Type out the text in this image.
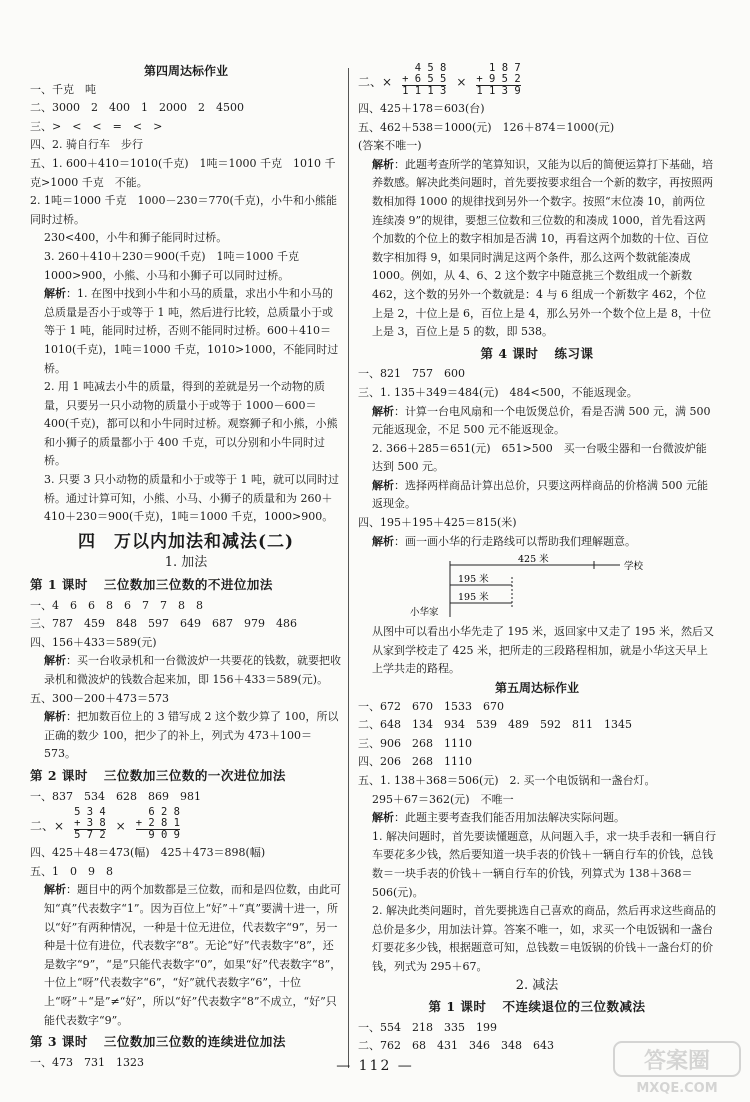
第四周达标作业

一、千克　吨

二、3000　2　400　1　2000　2　4500

三、>　<　<　=　<　>

四、2. 骑自行车　步行

五、1. 600＋410＝1010(千克)　1吨＝1000 千克　1010 千克>1000 千克　不能。

2. 1吨＝1000 千克　1000－230＝770(千克)，小牛和小熊能同时过桥。

230<400，小牛和狮子能同时过桥。

3. 260＋410＋230＝900(千克)　1吨＝1000 千克　1000>900，小熊、小马和小狮子可以同时过桥。

解析：1. 在图中找到小牛和小马的质量，求出小牛和小马的总质量是否小于或等于 1 吨，然后进行比较，总质量小于或等于 1 吨，能同时过桥，否则不能同时过桥。600＋410＝1010(千克)，1吨＝1000 千克，1010>1000，不能同时过桥。

2. 用 1 吨减去小牛的质量，得到的差就是另一个动物的质量，只要另一只小动物的质量小于或等于 1000－600＝400(千克)，都可以和小牛同时过桥。观察狮子和小熊，小熊和小狮子的质量都小于 400 千克，可以分别和小牛同时过桥。

3. 只要 3 只小动物的质量和小于或等于 1 吨，就可以同时过桥。通过计算可知，小熊、小马、小狮子的质量和为 260＋410＋230＝900(千克)，1吨＝1000 千克，1000>900。

四　万以内加法和减法(二)

1. 加法

第 1 课时 三位数加三位数的不进位加法

一、4　6　6　8　6　7　7　8　8

三、787　459　848　597　649　687　979　486

四、156＋433＝589(元)

解析：买一台收录机和一台微波炉一共要花的钱数，就要把收录机和微波炉的钱数合起来加，即 156＋433＝589(元)。

五、300－200＋473＝573

解析：把加数百位上的 3 错写成 2 这个数少算了 100，所以正确的数少 100，把少了的补上，列式为 473＋100＝573。

第 2 课时 三位数加三位数的一次进位加法

一、837　534　628　869　981

二、×
5 3 4
+ 3 8
5 7 2
×
6 2 8
+ 2 8 1
9 0 9

四、425＋48＝473(幅)　425＋473＝898(幅)

五、1　0　9　8

解析：题目中的两个加数都是三位数，而和是四位数，由此可知“真”代表数字“1”。因为百位上“好”＋“真”要满十进一，所以“好”有两种情况，一种是十位无进位，代表数字“9”，另一种是十位有进位，代表数字“8”。无论“好”代表数字“8”，还是数字“9”，“是”只能代表数字“0”，如果“好”代表数字“8”，十位上“呀”代表数字“6”，“好”就代表数字“6”，十位上“呀”＋“是”≠“好”，所以“好”代表数字“8”不成立，“好”只能代表数字“9”。

第 3 课时 三位数加三位数的连续进位加法

一、473　731　1323

二、×
4 5 8
+ 6 5 5
1 1 1 3
×
1 8 7
+ 9 5 2
1 1 3 9

四、425＋178＝603(台)

五、462＋538＝1000(元)　126＋874＝1000(元)

(答案不唯一)

解析：此题考查所学的笔算知识，又能为以后的简便运算打下基础，培养数感。解决此类问题时，首先要按要求组合一个新的数字，再按照两数相加得 1000 的规律找到另外一个数字。按照“末位凑 10，前两位连续凑 9”的规律，要想三位数和三位数的和凑成 1000，首先看这两个加数的个位上的数字相加是否满 10，再看这两个加数的十位、百位数字相加得 9，如果同时满足这两个条件，那么这两个数就能凑成 1000。例如，从 4、6、2 这个数字中随意挑三个数组成一个新数 462，这个数的另外一个数就是：4 与 6 组成一个新数字 462，个位上是 2，十位上是 6，百位上是 4，那么另外一个数个位上是 8，十位上是 3，百位上是 5 的数，即 538。

第 4 课时 练习课

一、821　757　600

三、1. 135＋349＝484(元)　484<500，不能返现金。

解析：计算一台电风扇和一个电饭煲总价，看是否满 500 元，满 500 元能返现金，不足 500 元不能返现金。

2. 366＋285＝651(元)　651>500　买一台吸尘器和一台微波炉能达到 500 元。

解析：选择两样商品计算出总价，只要这两样商品的价格满 500 元能返现金。

四、195＋195＋425＝815(米)

解析：画一画小华的行走路线可以帮助我们理解题意。

425 米
195 米
195 米
小华家
学校

从图中可以看出小华先走了 195 米，返回家中又走了 195 米，然后又从家到学校走了 425 米，把所走的三段路程相加，就是小华这天早上上学共走的路程。

第五周达标作业

一、672　670　1533　670

二、648　134　934　539　489　592　811　1345

三、906　268　1110

四、206　268　1110

五、1. 138＋368＝506(元)　2. 买一个电饭锅和一盏台灯。

295＋67＝362(元)　不唯一

解析：此题主要考查我们能否用加法解决实际问题。

1. 解决问题时，首先要读懂题意，从问题入手，求一块手表和一辆自行车要花多少钱，然后要知道一块手表的价钱＋一辆自行车的价钱，总钱数＝一块手表的价钱＋一辆自行车的价钱，列算式为 138＋368＝506(元)。

2. 解决此类问题时，首先要挑选自己喜欢的商品，然后再求这些商品的总价是多少，用加法计算。答案不唯一，如，求买一个电饭锅和一盏台灯要花多少钱，根据题意可知，总钱数＝电饭锅的价钱＋一盏台灯的价钱，列式为 295＋67。

2. 减法

第 1 课时 不连续退位的三位数减法

一、554　218　335　199

二、762　68　431　346　348　643

— 112 —	答案圈
MXQE.COM
